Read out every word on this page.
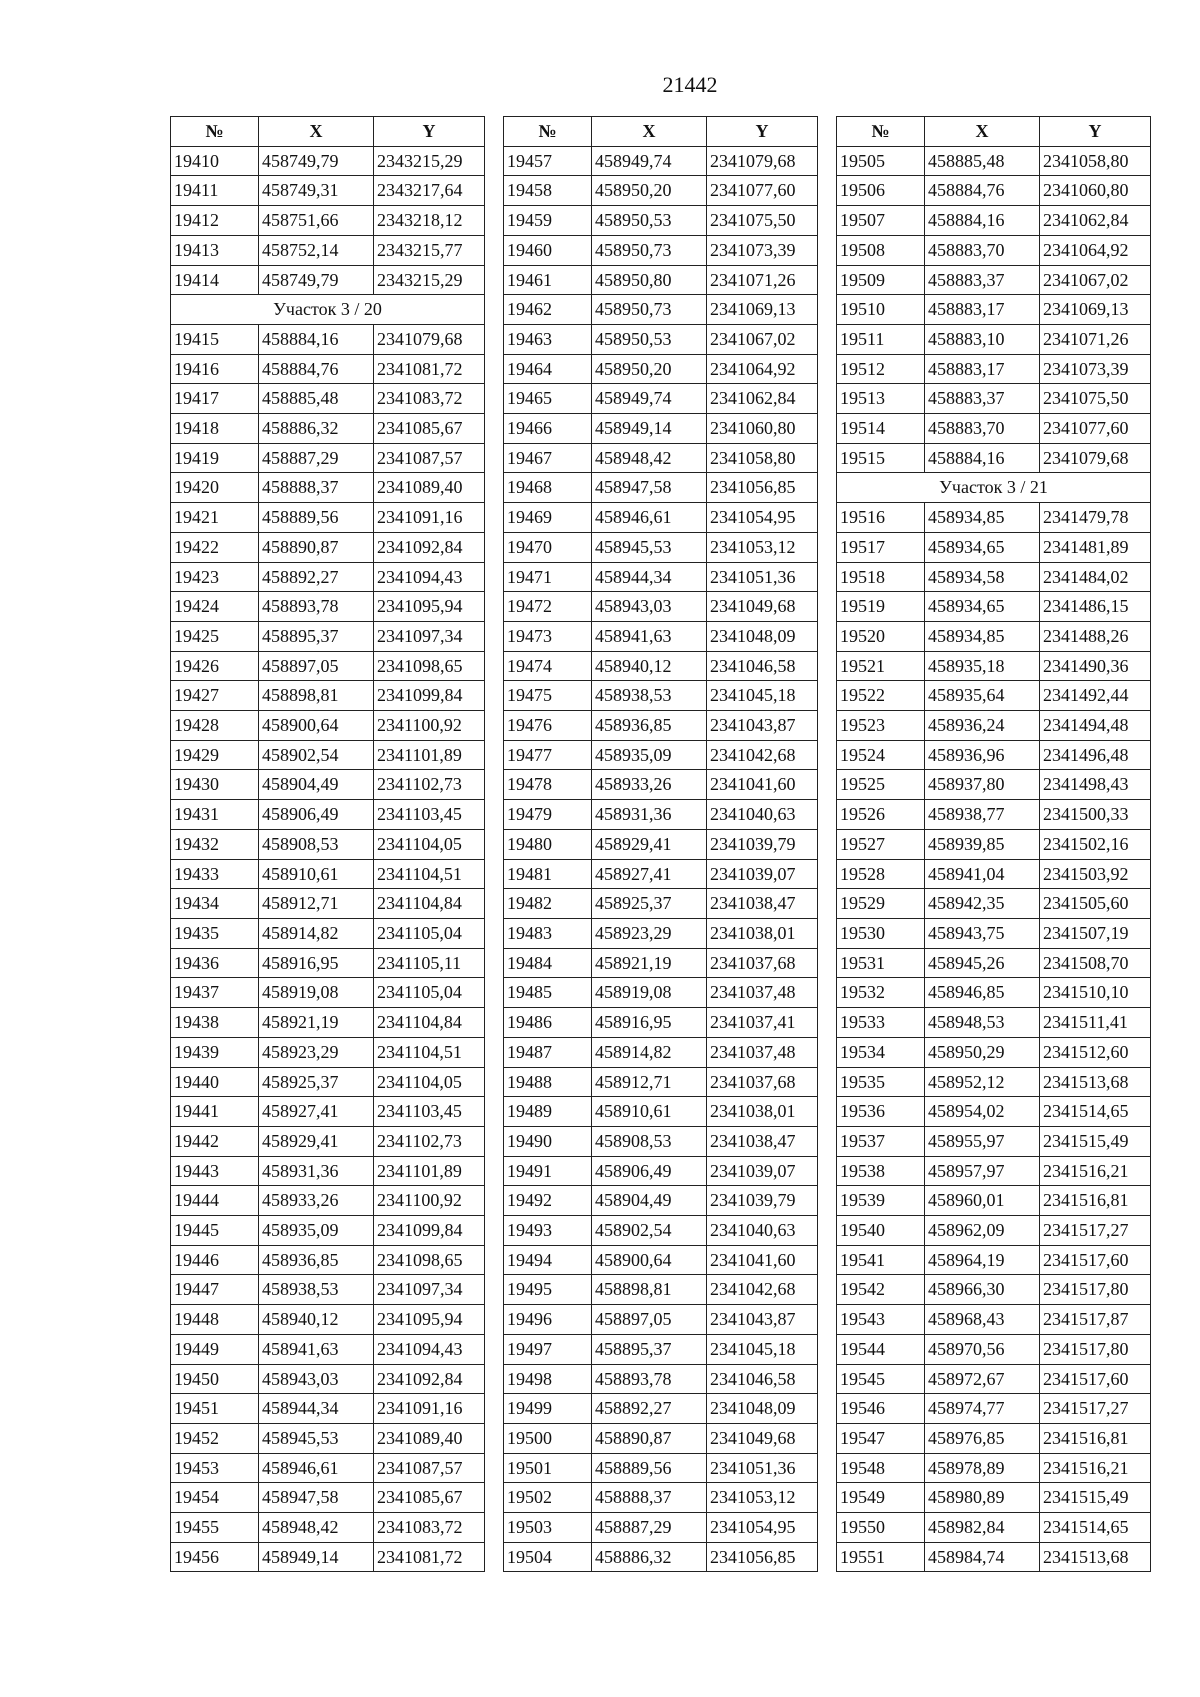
21442
№	X	Y
19410	458749,79	2343215,29
19411	458749,31	2343217,64
19412	458751,66	2343218,12
19413	458752,14	2343215,77
19414	458749,79	2343215,29
Участок 3 / 20		
19415	458884,16	2341079,68
19416	458884,76	2341081,72
19417	458885,48	2341083,72
19418	458886,32	2341085,67
19419	458887,29	2341087,57
19420	458888,37	2341089,40
19421	458889,56	2341091,16
19422	458890,87	2341092,84
19423	458892,27	2341094,43
19424	458893,78	2341095,94
19425	458895,37	2341097,34
19426	458897,05	2341098,65
19427	458898,81	2341099,84
19428	458900,64	2341100,92
19429	458902,54	2341101,89
19430	458904,49	2341102,73
19431	458906,49	2341103,45
19432	458908,53	2341104,05
19433	458910,61	2341104,51
19434	458912,71	2341104,84
19435	458914,82	2341105,04
19436	458916,95	2341105,11
19437	458919,08	2341105,04
19438	458921,19	2341104,84
19439	458923,29	2341104,51
19440	458925,37	2341104,05
19441	458927,41	2341103,45
19442	458929,41	2341102,73
19443	458931,36	2341101,89
19444	458933,26	2341100,92
19445	458935,09	2341099,84
19446	458936,85	2341098,65
19447	458938,53	2341097,34
19448	458940,12	2341095,94
19449	458941,63	2341094,43
19450	458943,03	2341092,84
19451	458944,34	2341091,16
19452	458945,53	2341089,40
19453	458946,61	2341087,57
19454	458947,58	2341085,67
19455	458948,42	2341083,72
19456	458949,14	2341081,72
№	X	Y
19457	458949,74	2341079,68
19458	458950,20	2341077,60
19459	458950,53	2341075,50
19460	458950,73	2341073,39
19461	458950,80	2341071,26
19462	458950,73	2341069,13
19463	458950,53	2341067,02
19464	458950,20	2341064,92
19465	458949,74	2341062,84
19466	458949,14	2341060,80
19467	458948,42	2341058,80
19468	458947,58	2341056,85
19469	458946,61	2341054,95
19470	458945,53	2341053,12
19471	458944,34	2341051,36
19472	458943,03	2341049,68
19473	458941,63	2341048,09
19474	458940,12	2341046,58
19475	458938,53	2341045,18
19476	458936,85	2341043,87
19477	458935,09	2341042,68
19478	458933,26	2341041,60
19479	458931,36	2341040,63
19480	458929,41	2341039,79
19481	458927,41	2341039,07
19482	458925,37	2341038,47
19483	458923,29	2341038,01
19484	458921,19	2341037,68
19485	458919,08	2341037,48
19486	458916,95	2341037,41
19487	458914,82	2341037,48
19488	458912,71	2341037,68
19489	458910,61	2341038,01
19490	458908,53	2341038,47
19491	458906,49	2341039,07
19492	458904,49	2341039,79
19493	458902,54	2341040,63
19494	458900,64	2341041,60
19495	458898,81	2341042,68
19496	458897,05	2341043,87
19497	458895,37	2341045,18
19498	458893,78	2341046,58
19499	458892,27	2341048,09
19500	458890,87	2341049,68
19501	458889,56	2341051,36
19502	458888,37	2341053,12
19503	458887,29	2341054,95
19504	458886,32	2341056,85
№	X	Y
19505	458885,48	2341058,80
19506	458884,76	2341060,80
19507	458884,16	2341062,84
19508	458883,70	2341064,92
19509	458883,37	2341067,02
19510	458883,17	2341069,13
19511	458883,10	2341071,26
19512	458883,17	2341073,39
19513	458883,37	2341075,50
19514	458883,70	2341077,60
19515	458884,16	2341079,68
Участок 3 / 21		
19516	458934,85	2341479,78
19517	458934,65	2341481,89
19518	458934,58	2341484,02
19519	458934,65	2341486,15
19520	458934,85	2341488,26
19521	458935,18	2341490,36
19522	458935,64	2341492,44
19523	458936,24	2341494,48
19524	458936,96	2341496,48
19525	458937,80	2341498,43
19526	458938,77	2341500,33
19527	458939,85	2341502,16
19528	458941,04	2341503,92
19529	458942,35	2341505,60
19530	458943,75	2341507,19
19531	458945,26	2341508,70
19532	458946,85	2341510,10
19533	458948,53	2341511,41
19534	458950,29	2341512,60
19535	458952,12	2341513,68
19536	458954,02	2341514,65
19537	458955,97	2341515,49
19538	458957,97	2341516,21
19539	458960,01	2341516,81
19540	458962,09	2341517,27
19541	458964,19	2341517,60
19542	458966,30	2341517,80
19543	458968,43	2341517,87
19544	458970,56	2341517,80
19545	458972,67	2341517,60
19546	458974,77	2341517,27
19547	458976,85	2341516,81
19548	458978,89	2341516,21
19549	458980,89	2341515,49
19550	458982,84	2341514,65
19551	458984,74	2341513,68
